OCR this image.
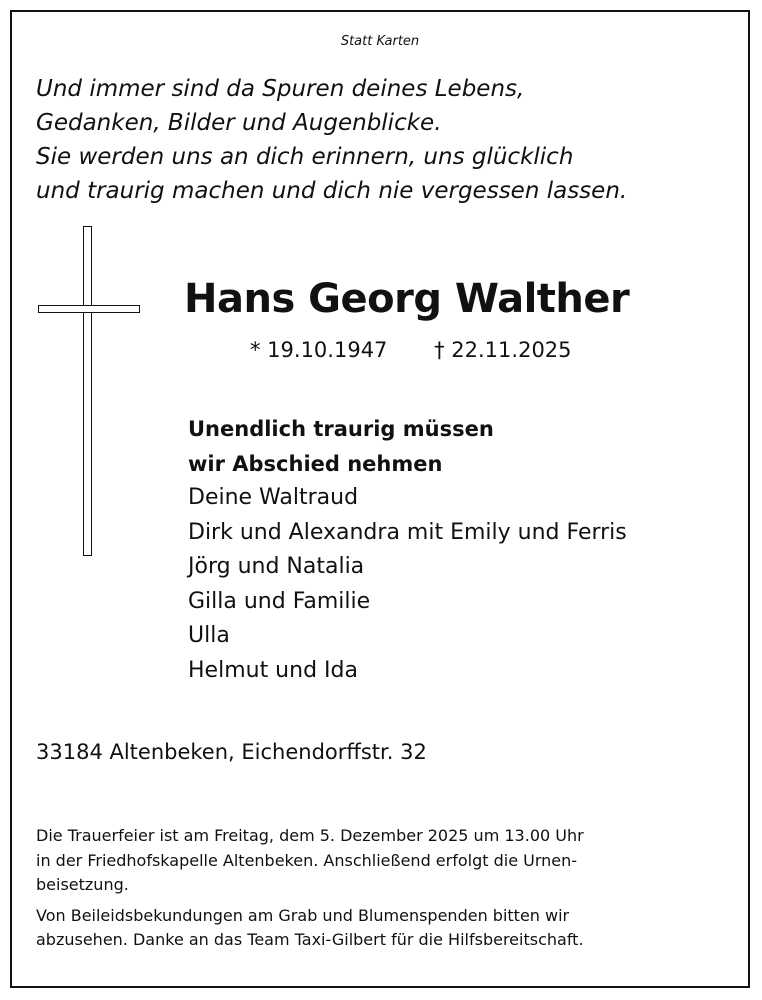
Statt Karten
Und immer sind da Spuren deines Lebens,
Gedanken, Bilder und Augenblicke.
Sie werden uns an dich erinnern, uns glücklich
und traurig machen und dich nie vergessen lassen.
Hans Georg Walther
* 19.10.1947 † 22.11.2025
Unendlich traurig müssen
wir Abschied nehmen
Deine Waltraud
Dirk und Alexandra mit Emily und Ferris
Jörg und Natalia
Gilla und Familie
Ulla
Helmut und Ida
33184 Altenbeken, Eichendorffstr. 32
Die Trauerfeier ist am Freitag, dem 5. Dezember 2025 um 13.00 Uhr
in der Friedhofskapelle Altenbeken. Anschließend erfolgt die Urnen-
beisetzung.
Von Beileidsbekundungen am Grab und Blumenspenden bitten wir
abzusehen. Danke an das Team Taxi-Gilbert für die Hilfsbereitschaft.
